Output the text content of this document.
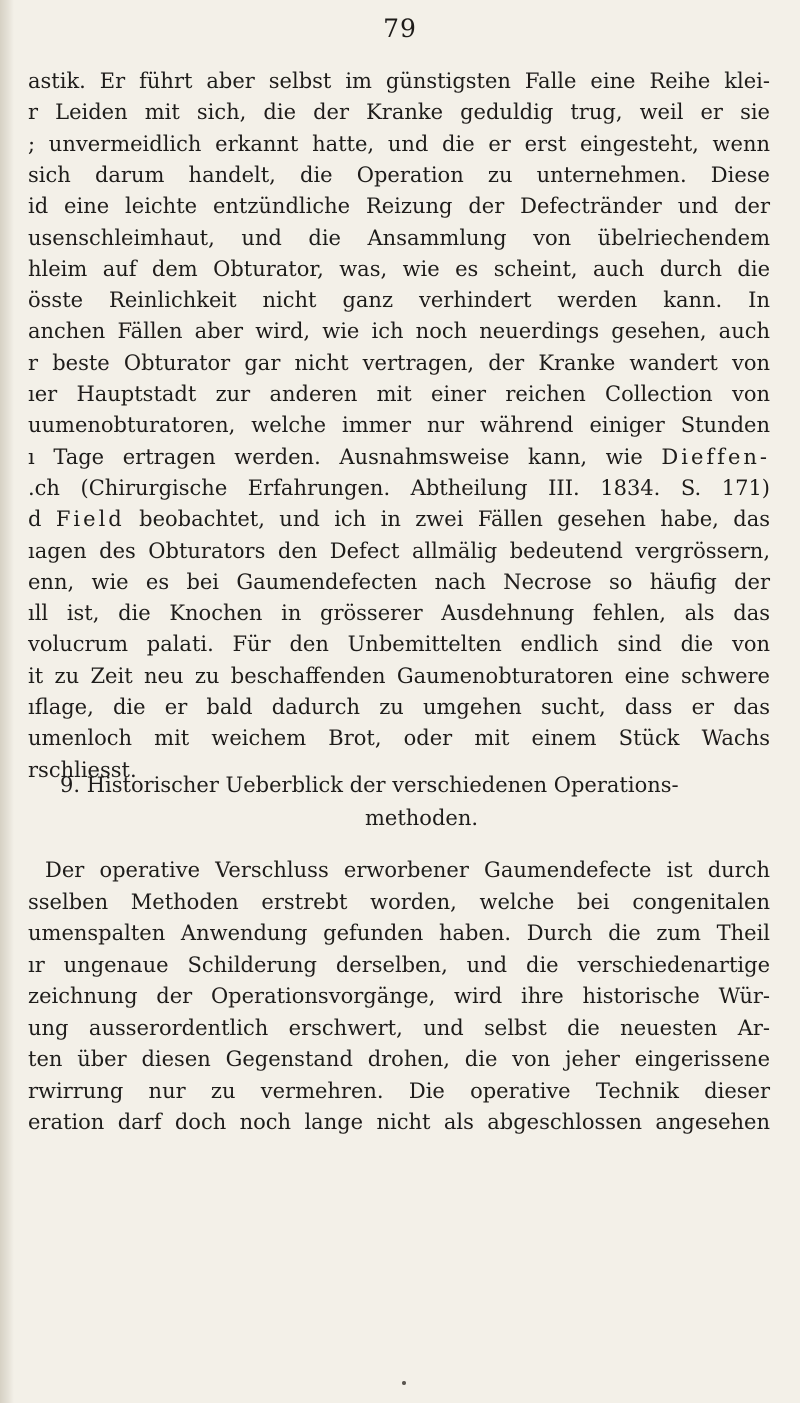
79
astik. Er führt aber selbst im günstigsten Falle eine Reihe klei-
r Leiden mit sich, die der Kranke geduldig trug, weil er sie
; unvermeidlich erkannt hatte, und die er erst eingesteht, wenn
sich darum handelt, die Operation zu unternehmen. Diese
id eine leichte entzündliche Reizung der Defectränder und der
usenschleimhaut, und die Ansammlung von übelriechendem
hleim auf dem Obturator, was, wie es scheint, auch durch die
össte Reinlichkeit nicht ganz verhindert werden kann. In
anchen Fällen aber wird, wie ich noch neuerdings gesehen, auch
r beste Obturator gar nicht vertragen, der Kranke wandert von
ıer Hauptstadt zur anderen mit einer reichen Collection von
uumenobturatoren, welche immer nur während einiger Stunden
ı Tage ertragen werden. Ausnahmsweise kann, wie Dieffen-
.ch (Chirurgische Erfahrungen. Abtheilung III. 1834. S. 171)
d Field beobachtet, und ich in zwei Fällen gesehen habe, das
ıagen des Obturators den Defect allmälig bedeutend vergrössern,
enn, wie es bei Gaumendefecten nach Necrose so häufig der
ıll ist, die Knochen in grösserer Ausdehnung fehlen, als das
volucrum palati. Für den Unbemittelten endlich sind die von
it zu Zeit neu zu beschaffenden Gaumenobturatoren eine schwere
ıflage, die er bald dadurch zu umgehen sucht, dass er das
umenloch mit weichem Brot, oder mit einem Stück Wachs
rschliesst.
9. Historischer Ueberblick der verschiedenen Operations-
methoden.
Der operative Verschluss erworbener Gaumendefecte ist durch
sselben Methoden erstrebt worden, welche bei congenitalen
umenspalten Anwendung gefunden haben. Durch die zum Theil
ır ungenaue Schilderung derselben, und die verschiedenartige
zeichnung der Operationsvorgänge, wird ihre historische Wür-
ung ausserordentlich erschwert, und selbst die neuesten Ar-
ten über diesen Gegenstand drohen, die von jeher eingerissene
rwirrung nur zu vermehren. Die operative Technik dieser
eration darf doch noch lange nicht als abgeschlossen angesehen
